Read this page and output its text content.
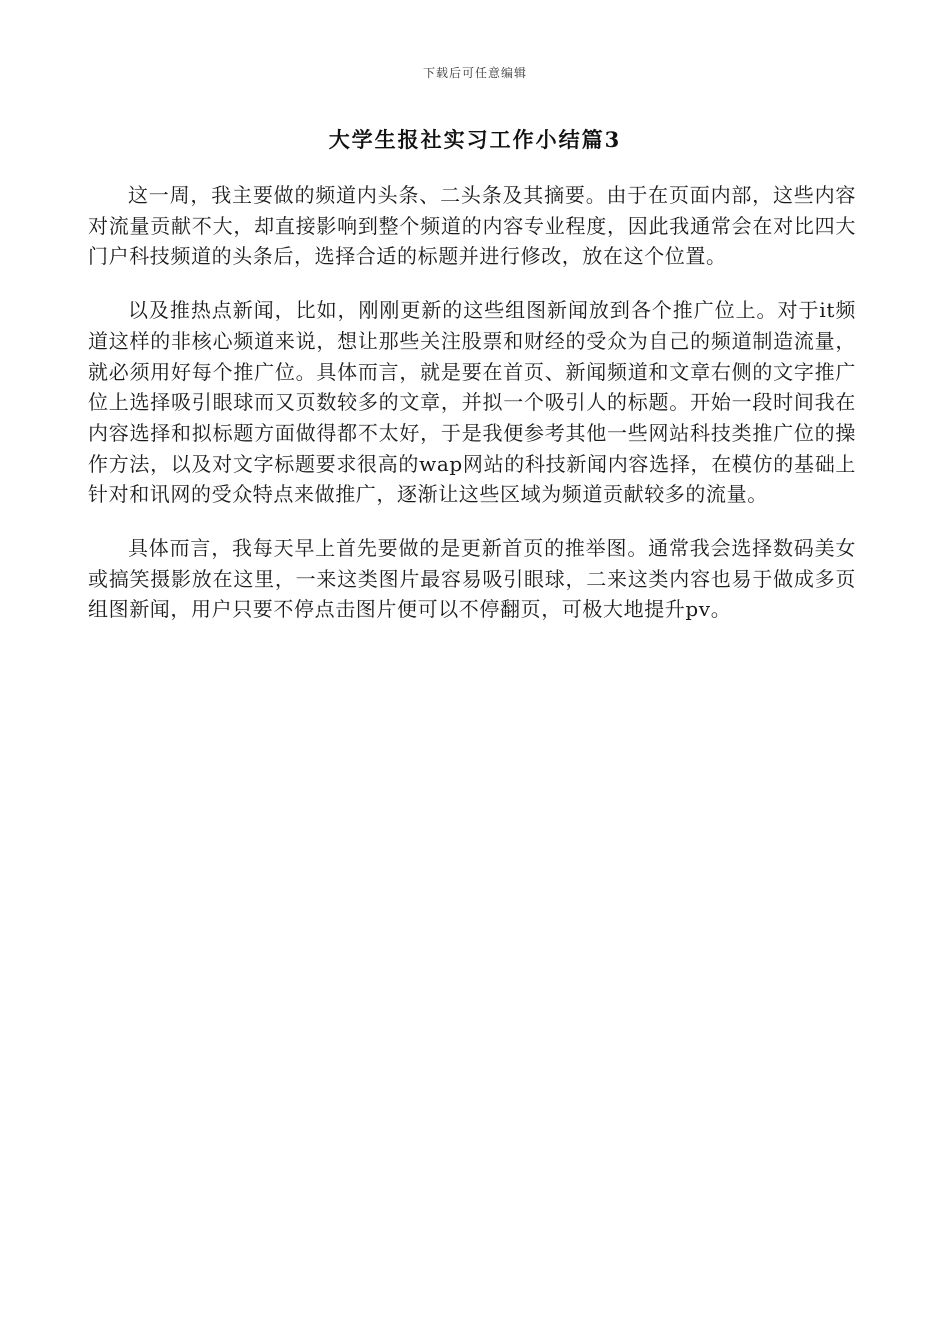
下载后可任意编辑
大学生报社实习工作小结篇3

这一周，我主要做的频道内头条、二头条及其摘要。由于在页面内部，这些内容对流量贡献不大，却直接影响到整个频道的内容专业程度，因此我通常会在对比四大门户科技频道的头条后，选择合适的标题并进行修改，放在这个位置。

以及推热点新闻，比如，刚刚更新的这些组图新闻放到各个推广位上。对于it频道这样的非核心频道来说，想让那些关注股票和财经的受众为自己的频道制造流量，就必须用好每个推广位。具体而言，就是要在首页、新闻频道和文章右侧的文字推广位上选择吸引眼球而又页数较多的文章，并拟一个吸引人的标题。开始一段时间我在内容选择和拟标题方面做得都不太好，于是我便参考其他一些网站科技类推广位的操作方法，以及对文字标题要求很高的wap网站的科技新闻内容选择，在模仿的基础上针对和讯网的受众特点来做推广，逐渐让这些区域为频道贡献较多的流量。

具体而言，我每天早上首先要做的是更新首页的推举图。通常我会选择数码美女或搞笑摄影放在这里，一来这类图片最容易吸引眼球，二来这类内容也易于做成多页组图新闻，用户只要不停点击图片便可以不停翻页，可极大地提升pv。
